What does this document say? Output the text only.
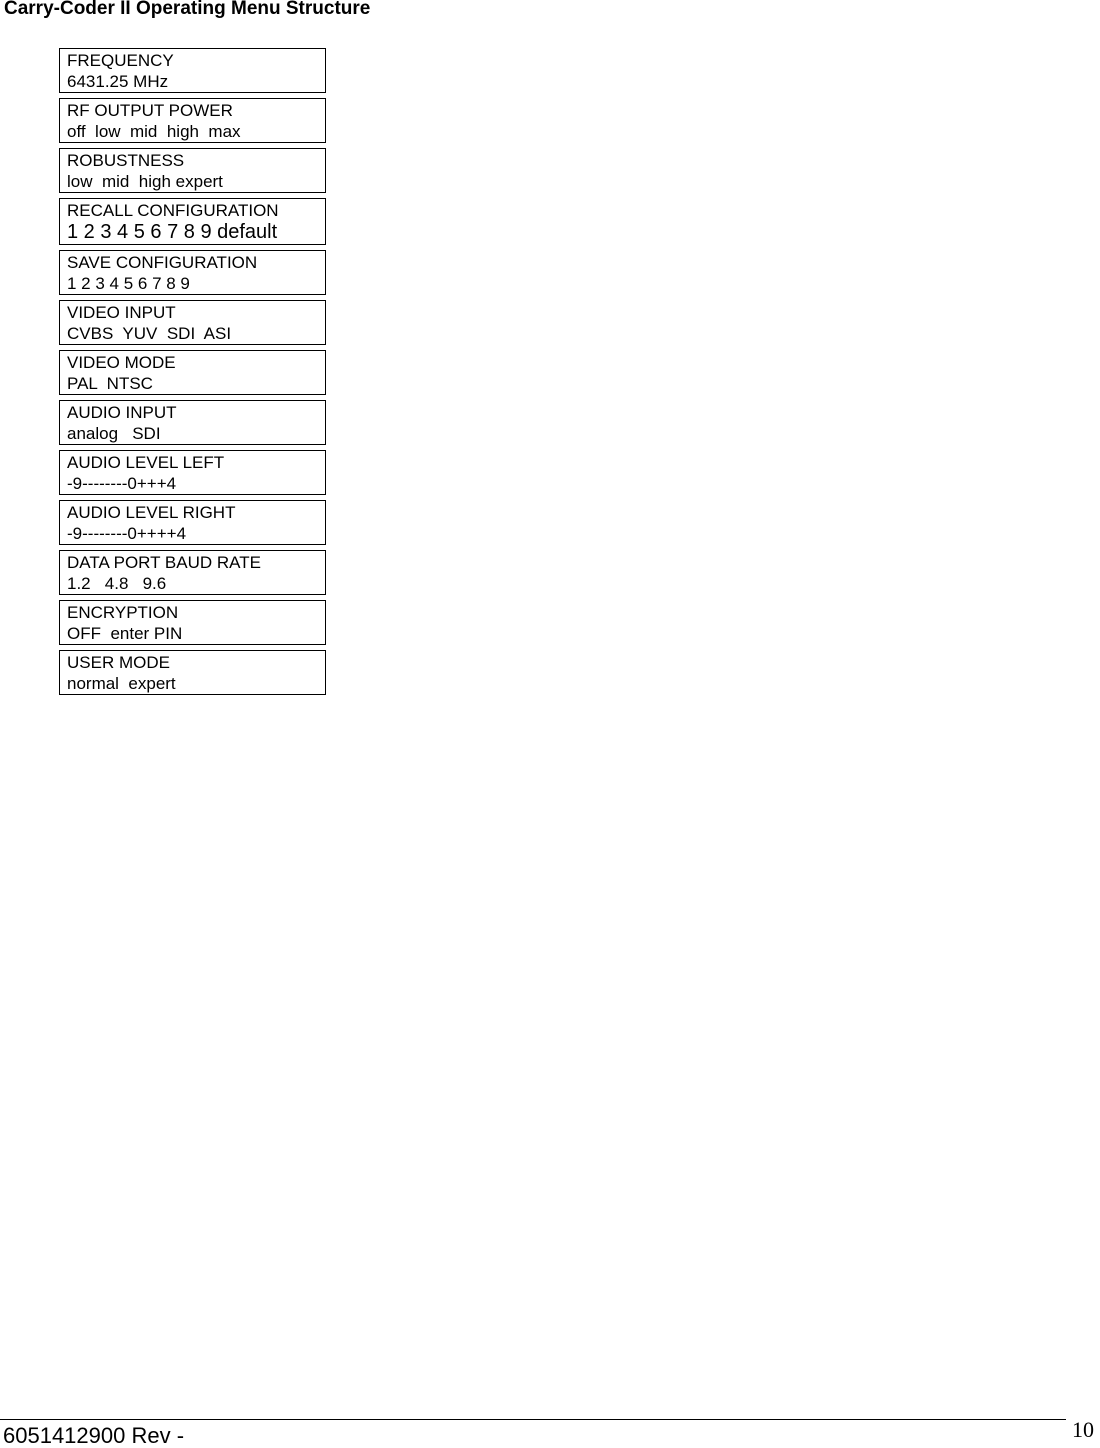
Carry-Coder II Operating Menu Structure
FREQUENCY
6431.25 MHz
RF OUTPUT POWER
off  low  mid  high  max
ROBUSTNESS
low  mid  high expert
RECALL CONFIGURATION
1 2 3 4 5 6 7 8 9 default
SAVE CONFIGURATION
1 2 3 4 5 6 7 8 9
VIDEO INPUT
CVBS  YUV  SDI  ASI
VIDEO MODE
PAL  NTSC
AUDIO INPUT
analog   SDI
AUDIO LEVEL LEFT
-9--------0+++4
AUDIO LEVEL RIGHT
-9--------0++++4
DATA PORT BAUD RATE
1.2   4.8   9.6
ENCRYPTION
OFF  enter PIN
USER MODE
normal  expert
6051412900 Rev -	10
